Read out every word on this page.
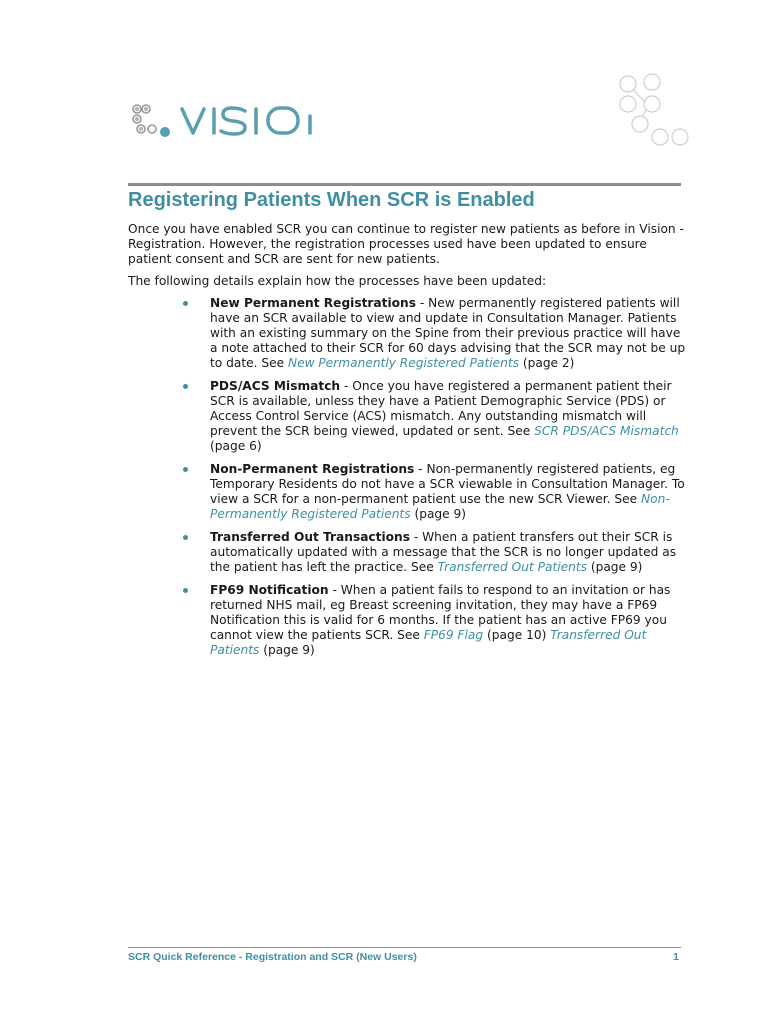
Registering Patients When SCR is Enabled

Once you have enabled SCR you can continue to register new patients as before in Vision - Registration. However, the registration processes used have been updated to ensure patient consent and SCR are sent for new patients.

The following details explain how the processes have been updated:

New Permanent Registrations - New permanently registered patients will have an SCR available to view and update in Consultation Manager. Patients with an existing summary on the Spine from their previous practice will have a note attached to their SCR for 60 days advising that the SCR may not be up to date. See New Permanently Registered Patients (page 2)
PDS/ACS Mismatch - Once you have registered a permanent patient their SCR is available, unless they have a Patient Demographic Service (PDS) or Access Control Service (ACS) mismatch. Any outstanding mismatch will prevent the SCR being viewed, updated or sent. See SCR PDS/ACS Mismatch (page 6)
Non-Permanent Registrations - Non-permanently registered patients, eg Temporary Residents do not have a SCR viewable in Consultation Manager. To view a SCR for a non-permanent patient use the new SCR Viewer. See Non-Permanently Registered Patients (page 9)
Transferred Out Transactions - When a patient transfers out their SCR is automatically updated with a message that the SCR is no longer updated as the patient has left the practice. See Transferred Out Patients (page 9)
FP69 Notification - When a patient fails to respond to an invitation or has returned NHS mail, eg Breast screening invitation, they may have a FP69 Notification this is valid for 6 months. If the patient has an active FP69 you cannot view the patients SCR. See FP69 Flag (page 10) Transferred Out Patients (page 9)
SCR Quick Reference - Registration and SCR (New Users)	1
